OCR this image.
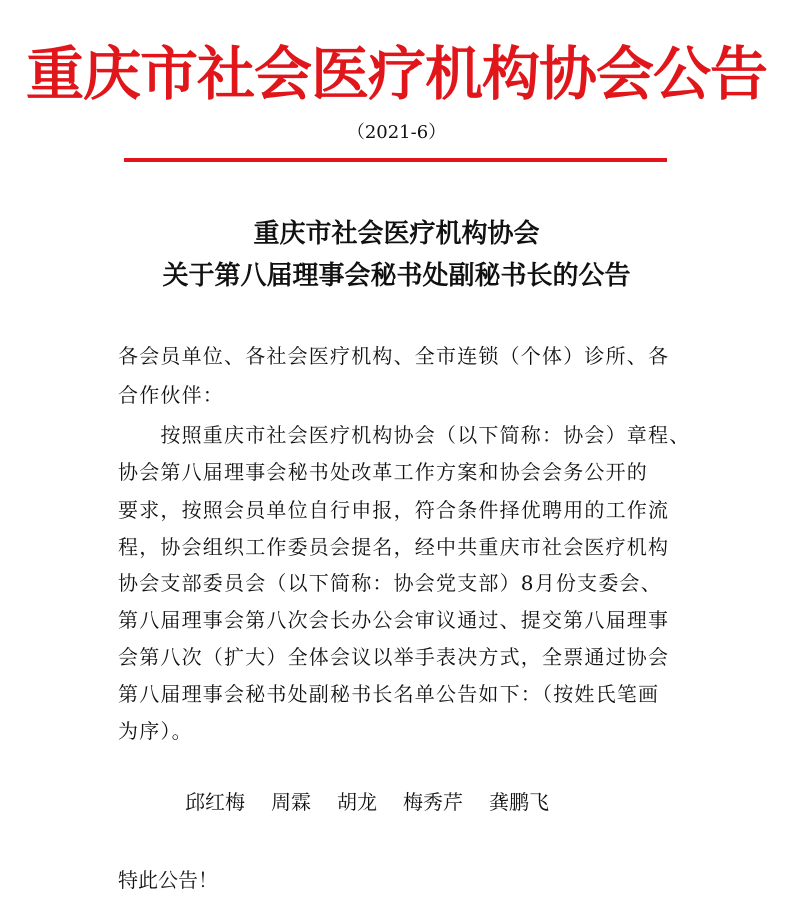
重庆市社会医疗机构协会公告
（2021-6）
重庆市社会医疗机构协会
关于第八届理事会秘书处副秘书长的公告
各会员单位、各社会医疗机构、全市连锁（个体）诊所、各
合作伙伴：
　　按照重庆市社会医疗机构协会（以下简称：协会）章程、
协会第八届理事会秘书处改革工作方案和协会会务公开的
要求，按照会员单位自行申报，符合条件择优聘用的工作流
程，协会组织工作委员会提名，经中共重庆市社会医疗机构
协会支部委员会（以下简称：协会党支部）8月份支委会、
第八届理事会第八次会长办公会审议通过、提交第八届理事
会第八次（扩大）全体会议以举手表决方式，全票通过协会
第八届理事会秘书处副秘书长名单公告如下：（按姓氏笔画
为序）。
邱红梅 周霖 胡龙 梅秀芹 龚鹏飞
特此公告！
